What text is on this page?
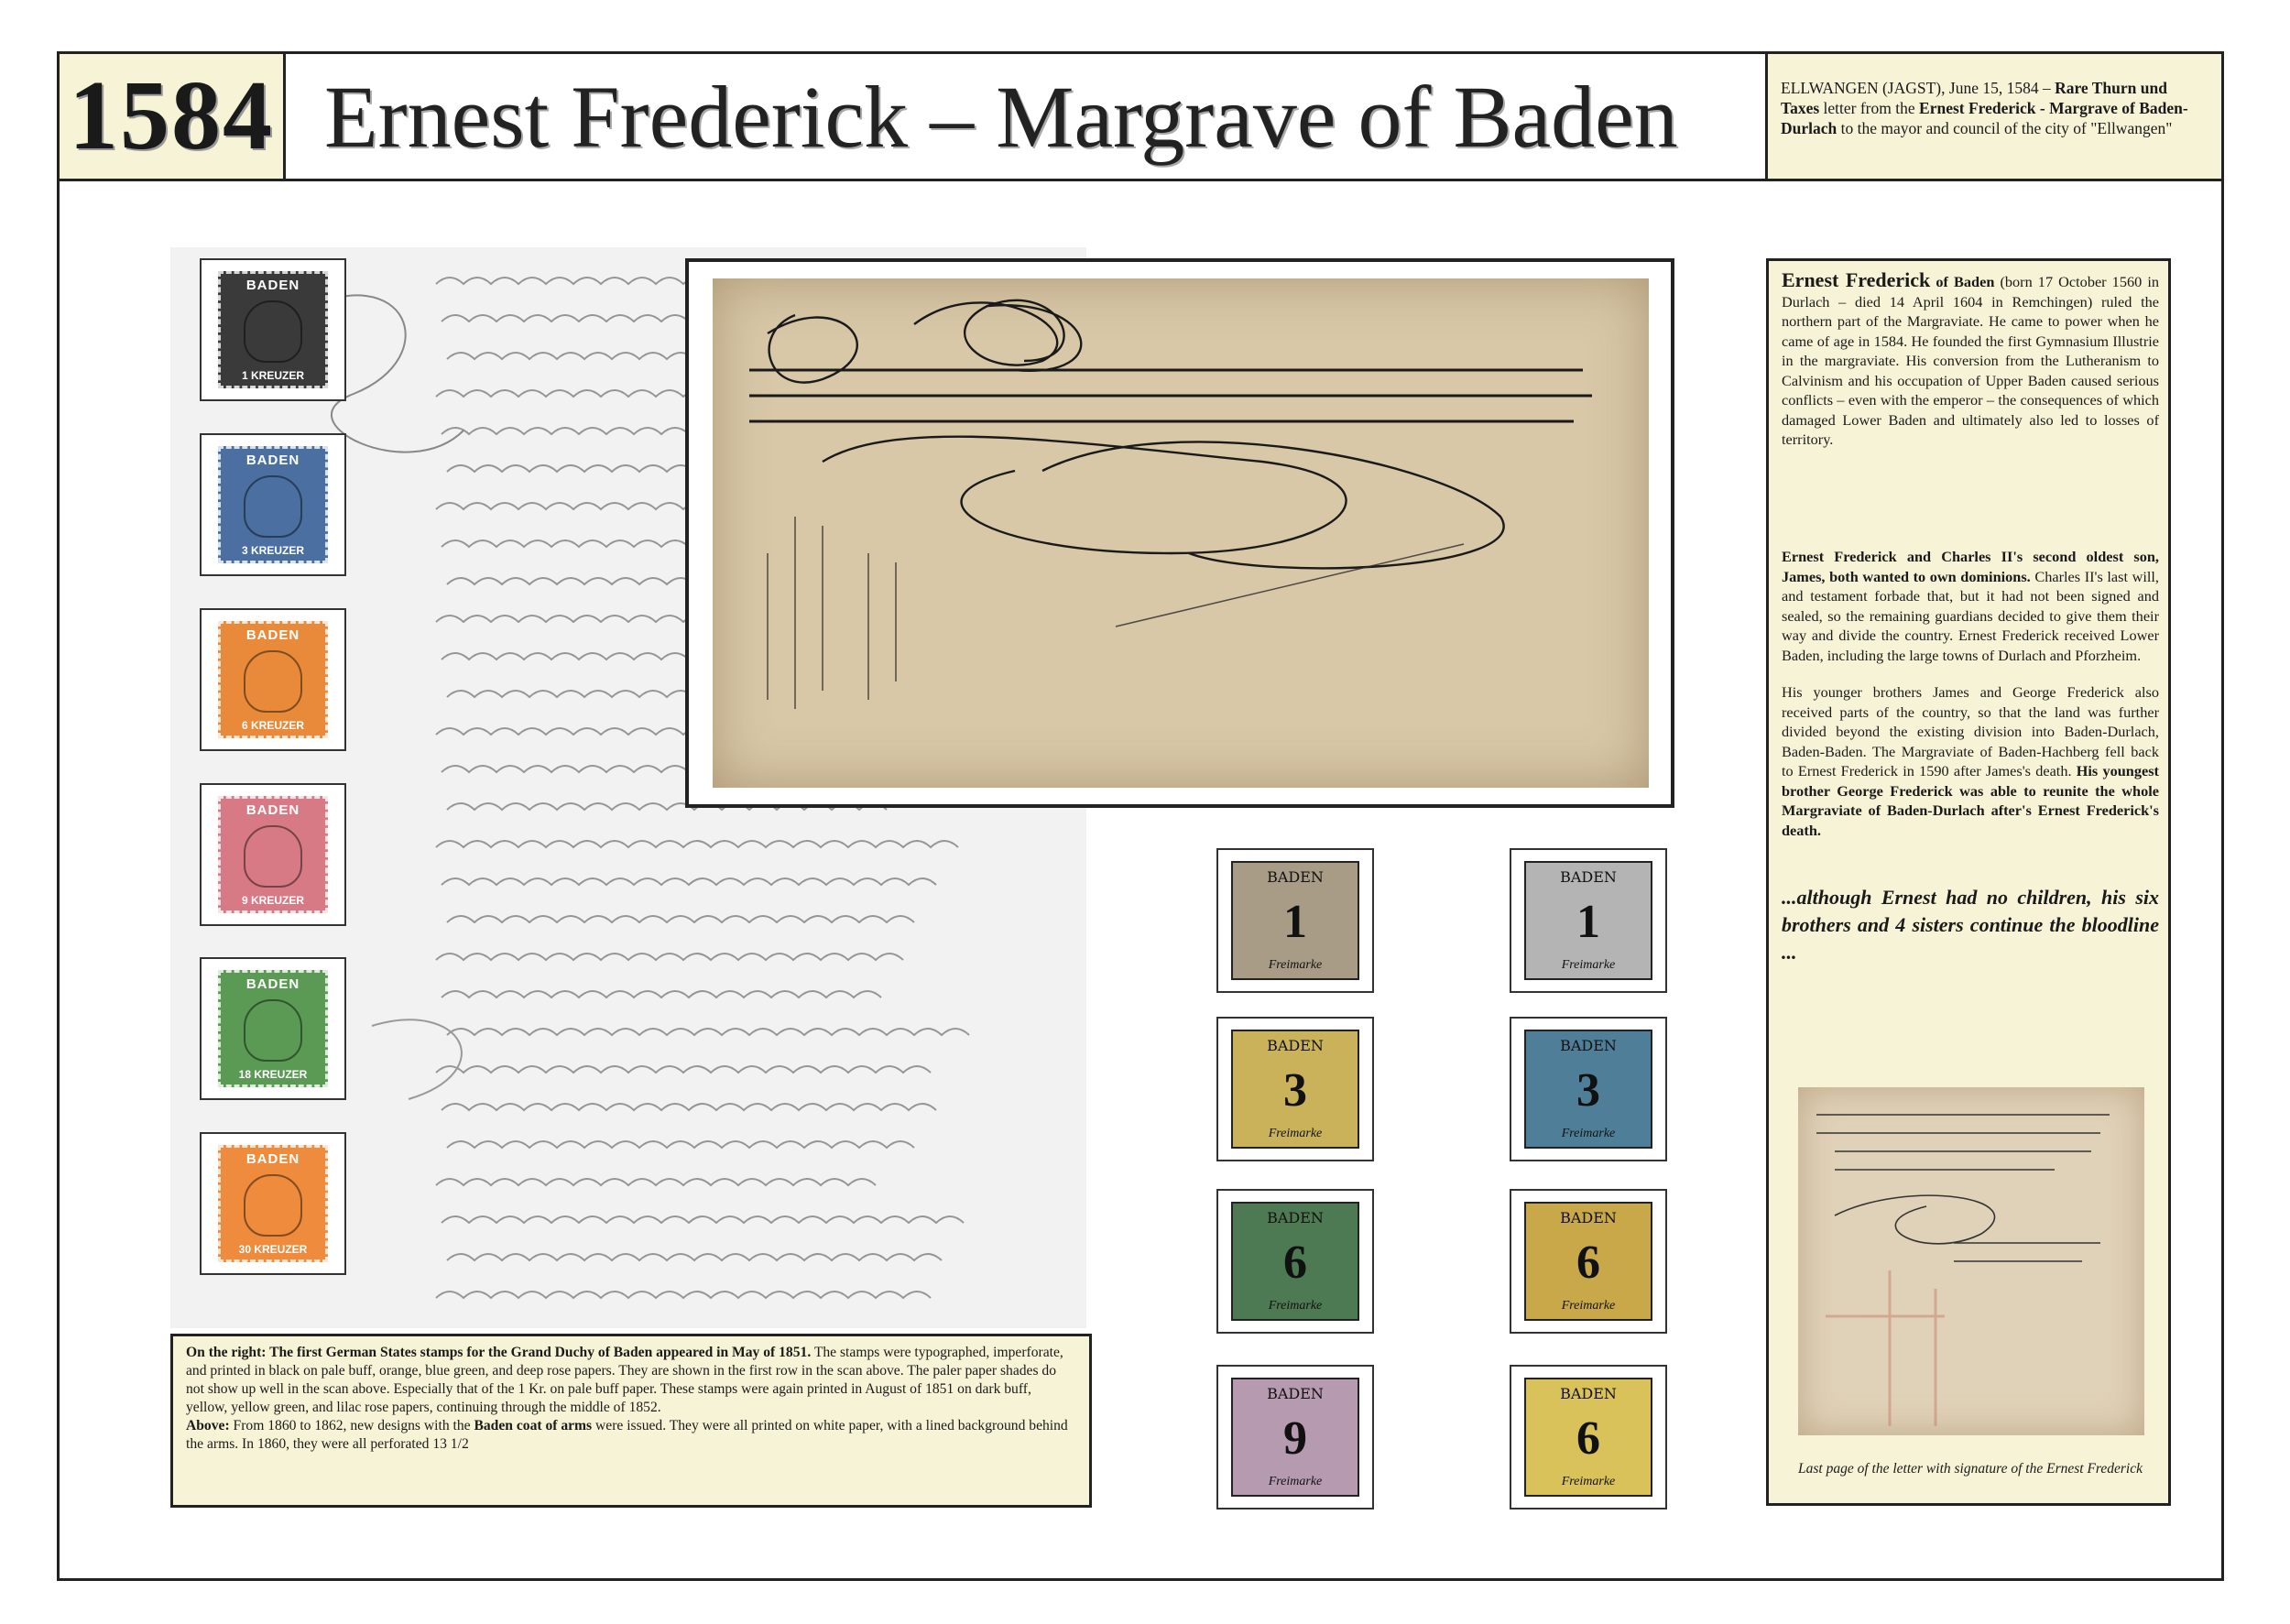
1584 Ernest Frederick – Margrave of Baden	ELLWANGEN (JAGST), June 15, 1584 – Rare Thurn und Taxes letter from the Ernest Frederick - Margrave of Baden-Durlach to the mayor and council of the city of "Ellwangen"
BADEN
1 KREUZER
BADEN
3 KREUZER
BADEN
6 KREUZER
BADEN
9 KREUZER
BADEN
18 KREUZER
BADEN
30 KREUZER
BADEN
1
Freimarke
BADEN
1
Freimarke
BADEN
3
Freimarke
BADEN
3
Freimarke
BADEN
6
Freimarke
BADEN
6
Freimarke
BADEN
9
Freimarke
BADEN
6
Freimarke
On the right: The first German States stamps for the Grand Duchy of Baden appeared in May of 1851. The stamps were typographed, imperforate, and printed in black on pale buff, orange, blue green, and deep rose papers. They are shown in the first row in the scan above. The paler paper shades do not show up well in the scan above. Especially that of the 1 Kr. on pale buff paper. These stamps were again printed in August of 1851 on dark buff, yellow, yellow green, and lilac rose papers, continuing through the middle of 1852.
Above: From 1860 to 1862, new designs with the Baden coat of arms were issued. They were all printed on white paper, with a lined background behind the arms. In 1860, they were all perforated 13 1/2
Ernest Frederick of Baden (born 17 October 1560 in Durlach – died 14 April 1604 in Remchingen) ruled the northern part of the Margraviate. He came to power when he came of age in 1584. He founded the first Gymnasium Illustrie in the margraviate. His conversion from the Lutheranism to Calvinism and his occupation of Upper Baden caused serious conflicts – even with the emperor – the consequences of which damaged Lower Baden and ultimately also led to losses of territory.

Ernest Frederick and Charles II's second oldest son, James, both wanted to own dominions. Charles II's last will, and testament forbade that, but it had not been signed and sealed, so the remaining guardians decided to give them their way and divide the country. Ernest Frederick received Lower Baden, including the large towns of Durlach and Pforzheim.

His younger brothers James and George Frederick also received parts of the country, so that the land was further divided beyond the existing division into Baden-Durlach, Baden-Baden. The Margraviate of Baden-Hachberg fell back to Ernest Frederick in 1590 after James's death. His youngest brother George Frederick was able to reunite the whole Margraviate of Baden-Durlach after's Ernest Frederick's death.

...although Ernest had no children, his six brothers and 4 sisters continue the bloodline ...
Last page of the letter with signature of the Ernest Frederick
